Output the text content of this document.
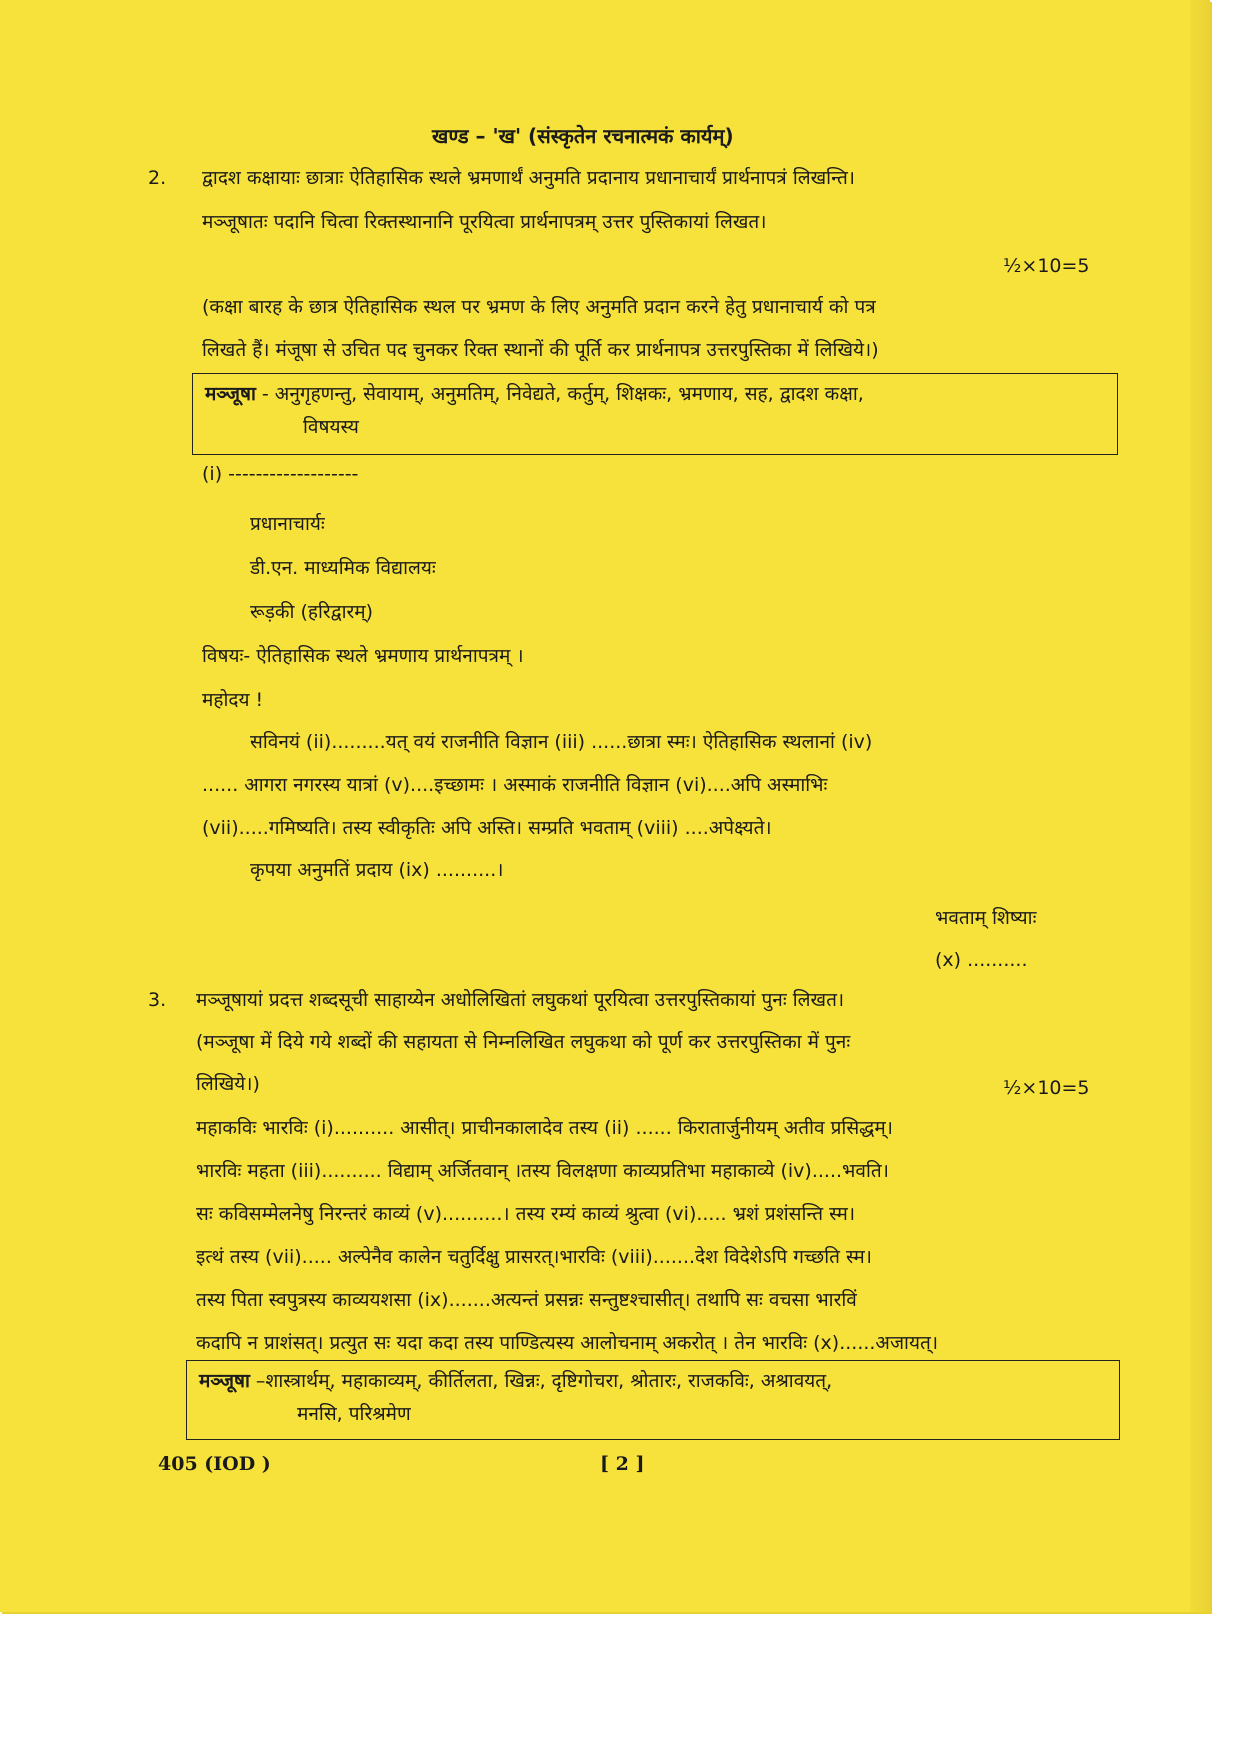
खण्ड – 'ख' (संस्कृतेन रचनात्मकं कार्यम्)
2. द्वादश कक्षायाः छात्राः ऐतिहासिक स्थले भ्रमणार्थं अनुमति प्रदानाय प्रधानाचार्यं प्रार्थनापत्रं लिखन्ति।
मञ्जूषातः पदानि चित्वा रिक्तस्थानानि पूरयित्वा प्रार्थनापत्रम् उत्तर पुस्तिकायां लिखत।
½×10=5
(कक्षा बारह के छात्र ऐतिहासिक स्थल पर भ्रमण के लिए अनुमति प्रदान करने हेतु प्रधानाचार्य को पत्र
लिखते हैं। मंजूषा से उचित पद चुनकर रिक्त स्थानों की पूर्ति कर प्रार्थनापत्र उत्तरपुस्तिका में लिखिये।)
मञ्जूषा - अनुगृहणन्तु, सेवायाम्, अनुमतिम्, निवेद्यते, कर्तुम्, शिक्षकः, भ्रमणाय, सह, द्वादश कक्षा,
विषयस्य
(i) -------------------
प्रधानाचार्यः
डी.एन. माध्यमिक विद्यालयः
रूड़की (हरिद्वारम्)
विषयः- ऐतिहासिक स्थले भ्रमणाय प्रार्थनापत्रम् ।
महोदय !
सविनयं (ii).........यत् वयं राजनीति विज्ञान (iii) ......छात्रा स्मः। ऐतिहासिक स्थलानां (iv)
...... आगरा नगरस्य यात्रां (v)....इच्छामः । अस्माकं राजनीति विज्ञान (vi)....अपि अस्माभिः
(vii).....गमिष्यति। तस्य स्वीकृतिः अपि अस्ति। सम्प्रति भवताम् (viii) ....अपेक्ष्यते।
कृपया अनुमतिं प्रदाय (ix) ..........।
भवताम् शिष्याः
(x) ..........
3. मञ्जूषायां प्रदत्त शब्दसूची साहाय्येन अधोलिखितां लघुकथां पूरयित्वा उत्तरपुस्तिकायां पुनः लिखत।
(मञ्जूषा में दिये गये शब्दों की सहायता से निम्नलिखित लघुकथा को पूर्ण कर उत्तरपुस्तिका में पुनः
लिखिये।)	½×10=5
महाकविः भारविः (i).......... आसीत्। प्राचीनकालादेव तस्य (ii) ...... किरातार्जुनीयम् अतीव प्रसिद्धम्।
भारविः महता (iii).......... विद्याम् अर्जितवान् ।तस्य विलक्षणा काव्यप्रतिभा महाकाव्ये (iv).....भवति।
सः कविसम्मेलनेषु निरन्तरं काव्यं (v)..........। तस्य रम्यं काव्यं श्रुत्वा (vi)..... भ्रशं प्रशंसन्ति स्म।
इत्थं तस्य (vii)..... अल्पेनैव कालेन चतुर्दिक्षु प्रासरत्।भारविः (viii).......देश विदेशेऽपि गच्छति स्म।
तस्य पिता स्वपुत्रस्य काव्ययशसा (ix).......अत्यन्तं प्रसन्नः सन्तुष्टश्चासीत्। तथापि सः वचसा भारविं
कदापि न प्राशंसत्। प्रत्युत सः यदा कदा तस्य पाण्डित्यस्य आलोचनाम् अकरोत् । तेन भारविः (x)......अजायत्।
मञ्जूषा –शास्त्रार्थम्, महाकाव्यम्, कीर्तिलता, खिन्नः, दृष्टिगोचरा, श्रोतारः, राजकविः, अश्रावयत्,
मनसि, परिश्रमेण
405 (IOD )	[ 2 ]
